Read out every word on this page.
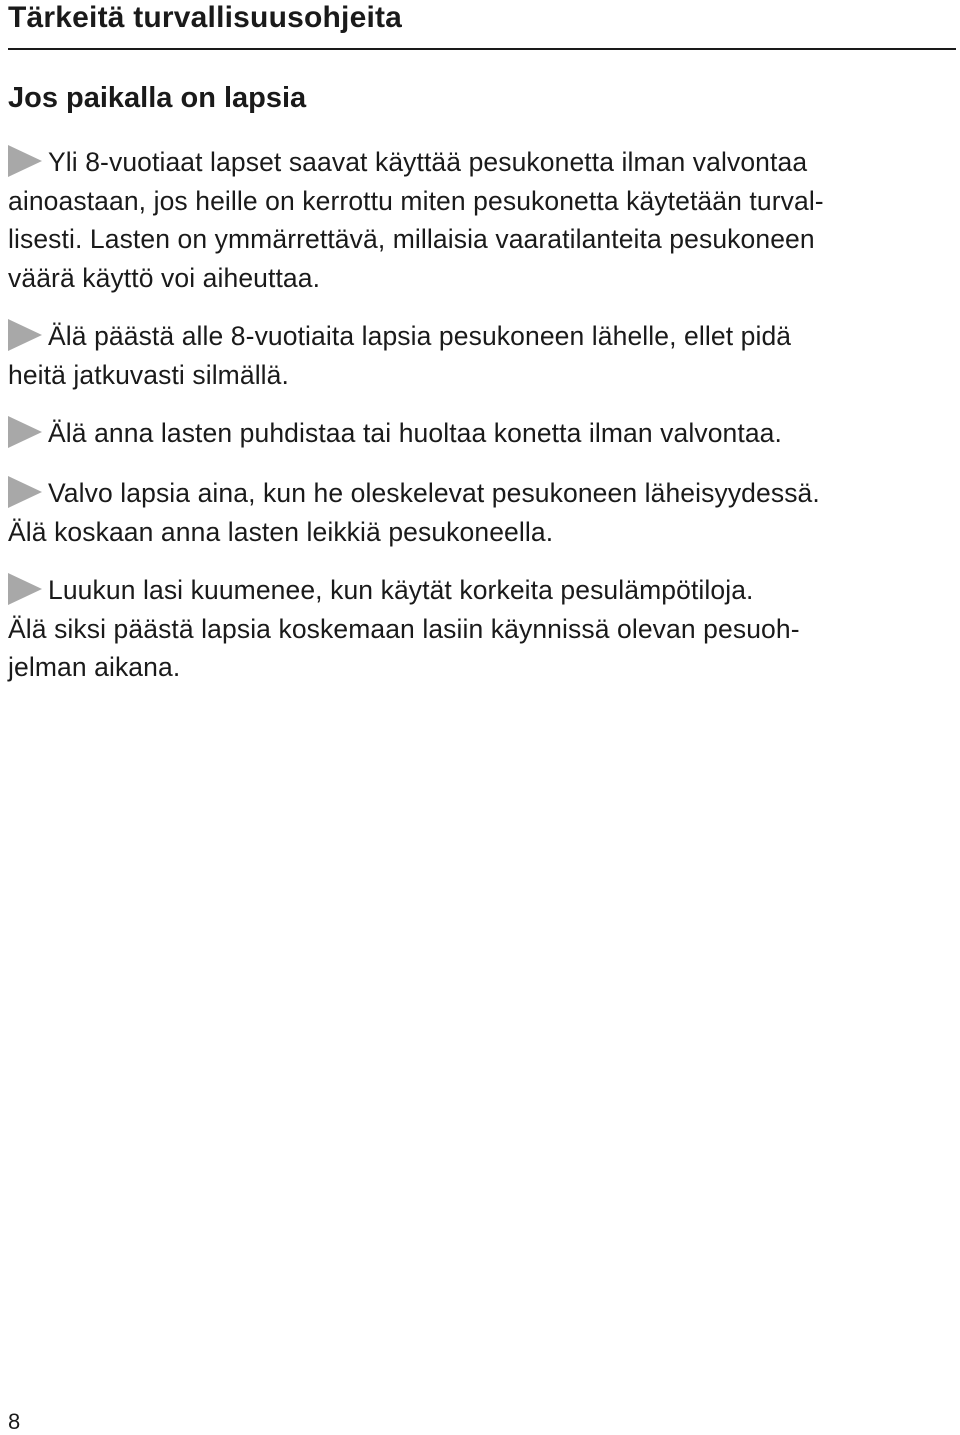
Tärkeitä turvallisuusohjeita
Jos paikalla on lapsia

Yli 8-vuotiaat lapset saavat käyttää pesukonetta ilman valvontaa
ainoastaan, jos heille on kerrottu miten pesukonetta käytetään turval-
lisesti. Lasten on ymmärrettävä, millaisia vaaratilanteita pesukoneen
väärä käyttö voi aiheuttaa.

Älä päästä alle 8-vuotiaita lapsia pesukoneen lähelle, ellet pidä
heitä jatkuvasti silmällä.

Älä anna lasten puhdistaa tai huoltaa konetta ilman valvontaa.

Valvo lapsia aina, kun he oleskelevat pesukoneen läheisyydessä.
Älä koskaan anna lasten leikkiä pesukoneella.

Luukun lasi kuumenee, kun käytät korkeita pesulämpötiloja.
Älä siksi päästä lapsia koskemaan lasiin käynnissä olevan pesuoh-
jelman aikana.

8
